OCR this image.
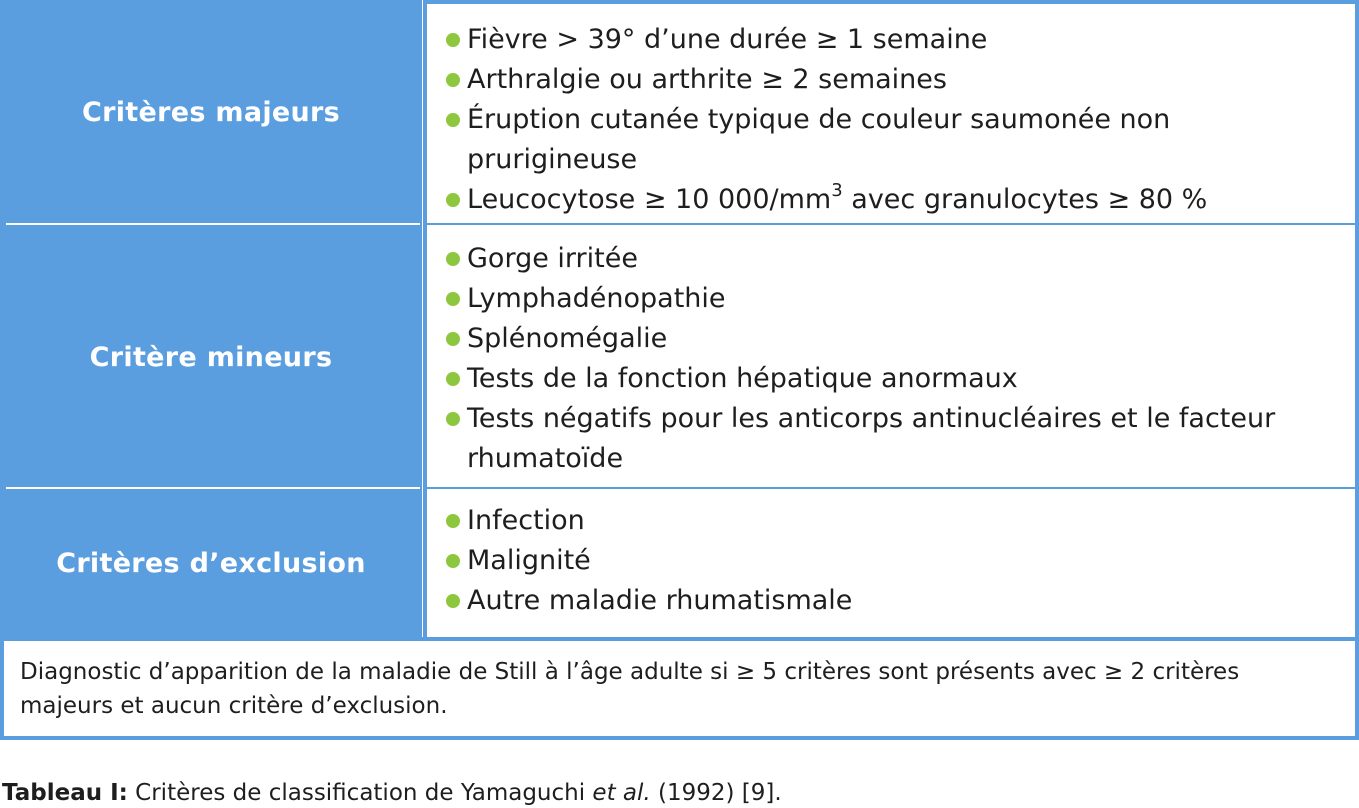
Critères majeurs
Fièvre > 39° d’une durée ≥ 1 semaine
Arthralgie ou arthrite ≥ 2 semaines
Éruption cutanée typique de couleur saumonée non prurigineuse
Leucocytose ≥ 10 $000/mm^3$ avec granulocytes ≥ 80 %
Critère mineurs
Gorge irritée
Lymphadénopathie
Splénomégalie
Tests de la fonction hépatique anormaux
Tests négatifs pour les anticorps antinucléaires et le facteur rhumatoïde
Critères d’exclusion
Infection
Malignité
Autre maladie rhumatismale
Diagnostic d’apparition de la maladie de Still à l’âge adulte si ≥ 5 critères sont présents avec ≥ 2 critères majeurs et aucun critère d’exclusion.
Tableau I: Critères de classification de Yamaguchi et al. (1992) [9].
